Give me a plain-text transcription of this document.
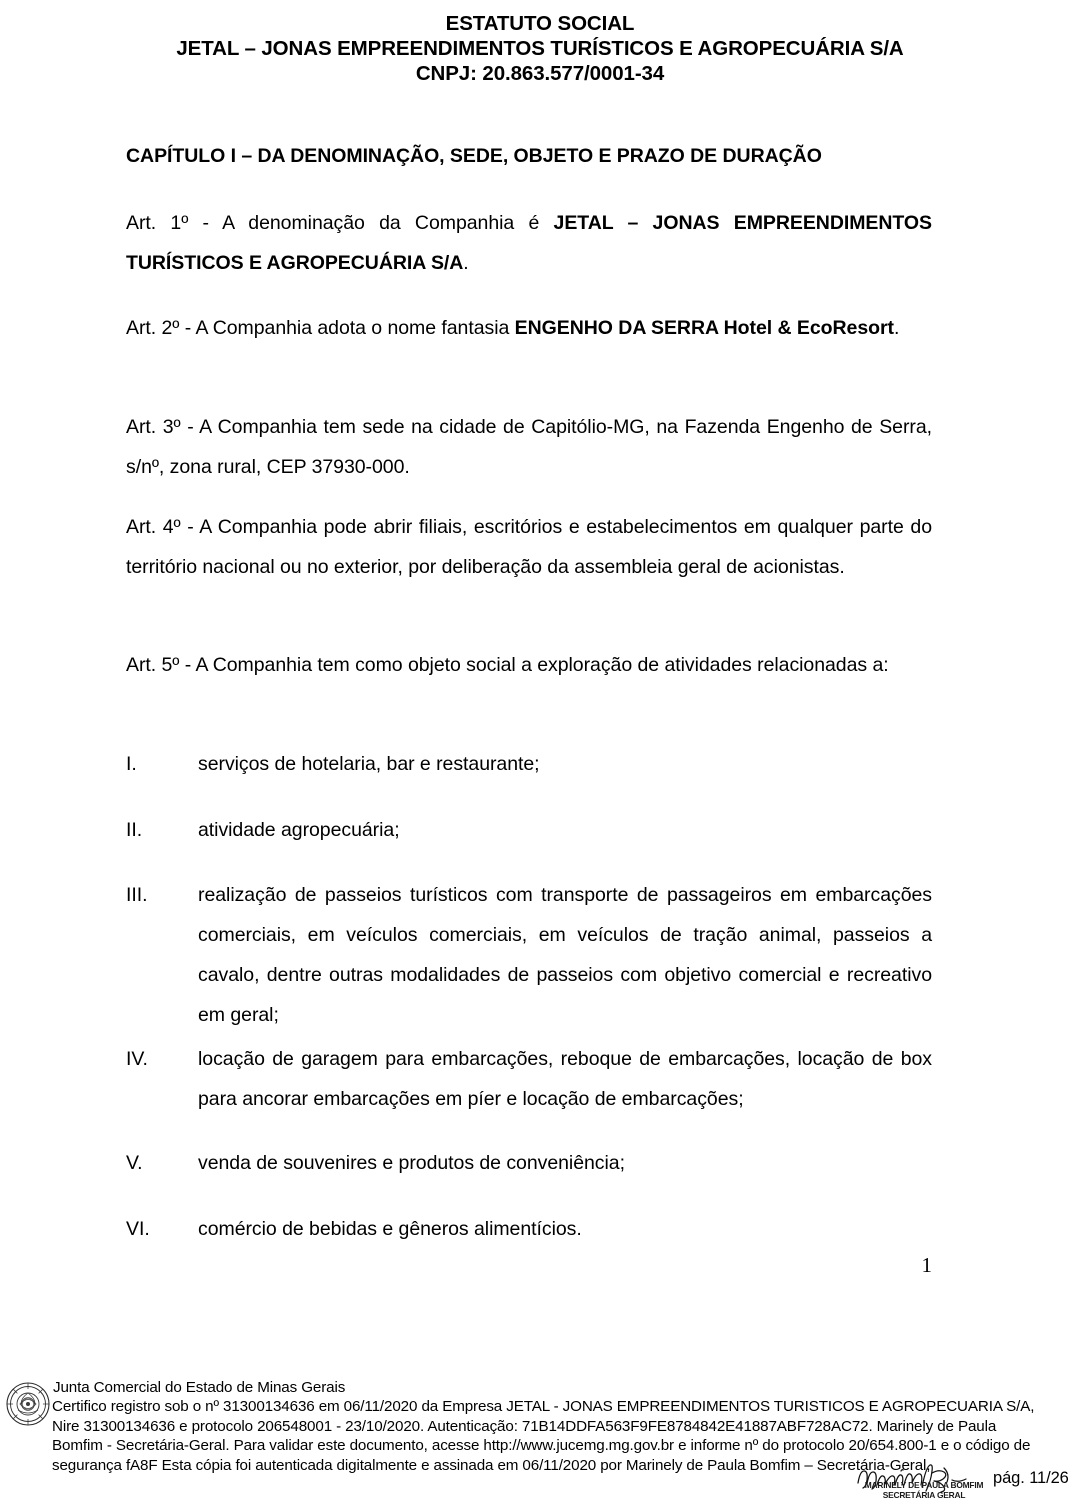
ESTATUTO SOCIAL
JETAL – JONAS EMPREENDIMENTOS TURÍSTICOS E AGROPECUÁRIA S/A
CNPJ: 20.863.577/0001-34
CAPÍTULO I – DA DENOMINAÇÃO, SEDE, OBJETO E PRAZO DE DURAÇÃO
Art. 1º - A denominação da Companhia é JETAL – JONAS EMPREENDIMENTOS TURÍSTICOS E AGROPECUÁRIA S/A.
Art. 2º - A Companhia adota o nome fantasia ENGENHO DA SERRA Hotel & EcoResort.
Art. 3º - A Companhia tem sede na cidade de Capitólio-MG, na Fazenda Engenho de Serra, s/nº, zona rural, CEP 37930-000.
Art. 4º - A Companhia pode abrir filiais, escritórios e estabelecimentos em qualquer parte do território nacional ou no exterior, por deliberação da assembleia geral de acionistas.
Art. 5º - A Companhia tem como objeto social a exploração de atividades relacionadas a:
I.	serviços de hotelaria, bar e restaurante;
II.	atividade agropecuária;
III.	realização de passeios turísticos com transporte de passageiros em embarcações comerciais, em veículos comerciais, em veículos de tração animal, passeios a cavalo, dentre outras modalidades de passeios com objetivo comercial e recreativo em geral;
IV.	locação de garagem para embarcações, reboque de embarcações, locação de box para ancorar embarcações em píer e locação de embarcações;
V.	venda de souvenires e produtos de conveniência;
VI.	comércio de bebidas e gêneros alimentícios.
1
Junta Comercial do Estado de Minas Gerais
Certifico registro sob o nº 31300134636 em 06/11/2020 da Empresa JETAL - JONAS EMPREENDIMENTOS TURISTICOS E AGROPECUARIA S/A,
Nire 31300134636 e protocolo 206548001 - 23/10/2020. Autenticação: 71B14DDFA563F9FE8784842E41887ABF728AC72. Marinely de Paula
Bomfim - Secretária-Geral. Para validar este documento, acesse http://www.jucemg.mg.gov.br e informe nº do protocolo 20/654.800-1 e o código de
segurança fA8F Esta cópia foi autenticada digitalmente e assinada em 06/11/2020 por Marinely de Paula Bomfim – Secretária-Geral,
MARINELY DE PAULA BOMFIM
SECRETÁRIA GERAL
pág. 11/26
